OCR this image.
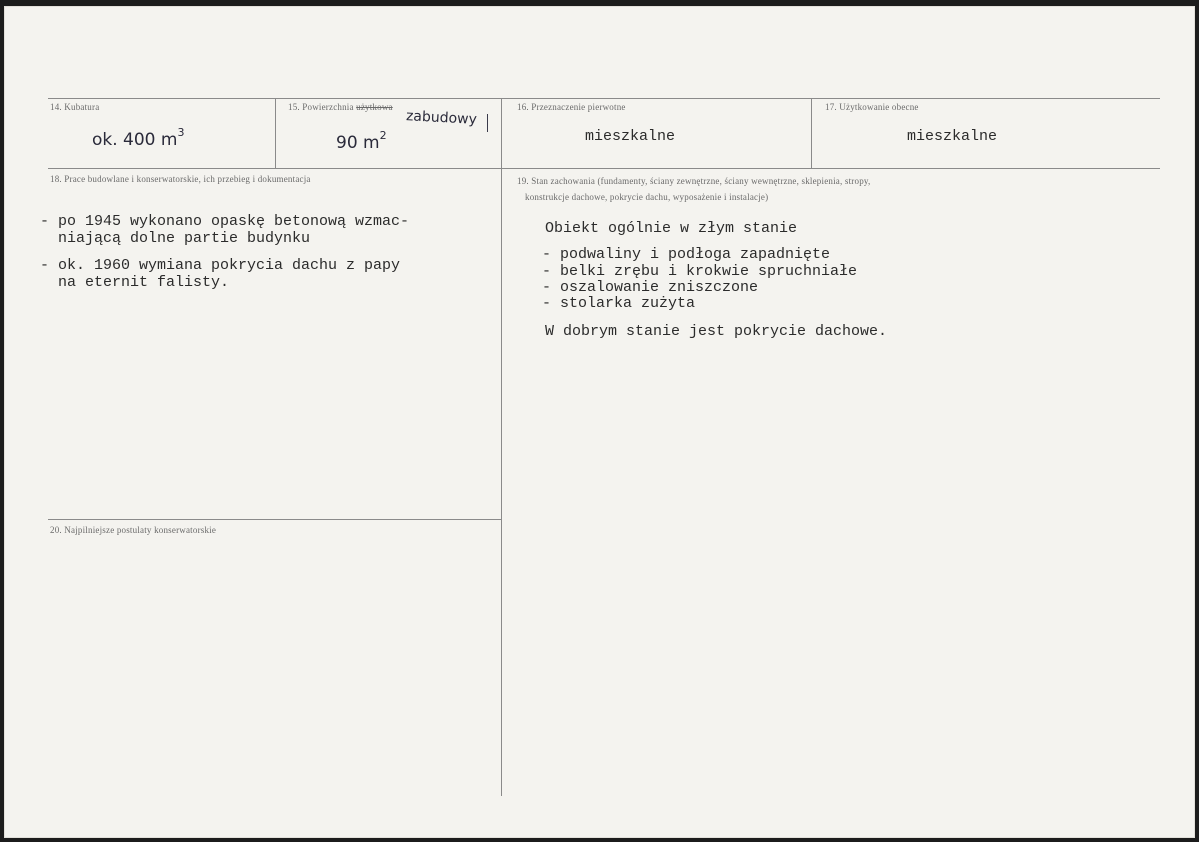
14. Kubatura
ok. 400 $m^3$
15. Powierzchnia użytkowa
zabudowy
90 $m^2$
16. Przeznaczenie pierwotne
mieszkalne
17. Użytkowanie obecne
mieszkalne
18. Prace budowlane i konserwatorskie, ich przebieg i dokumentacja
- po 1945 wykonano opaskę betonową wzmac-
niającą dolne partie budynku
- ok. 1960 wymiana pokrycia dachu z papy
na eternit falisty.
19. Stan zachowania (fundamenty, ściany zewnętrzne, ściany wewnętrzne, sklepienia, stropy,
konstrukcje dachowe, pokrycie dachu, wyposażenie i instalacje)
Obiekt ogólnie w złym stanie
- podwaliny i podłoga zapadnięte
- belki zrębu i krokwie spruchniałe
- oszalowanie zniszczone
- stolarka zużyta
W dobrym stanie jest pokrycie dachowe.
20. Najpilniejsze postulaty konserwatorskie
